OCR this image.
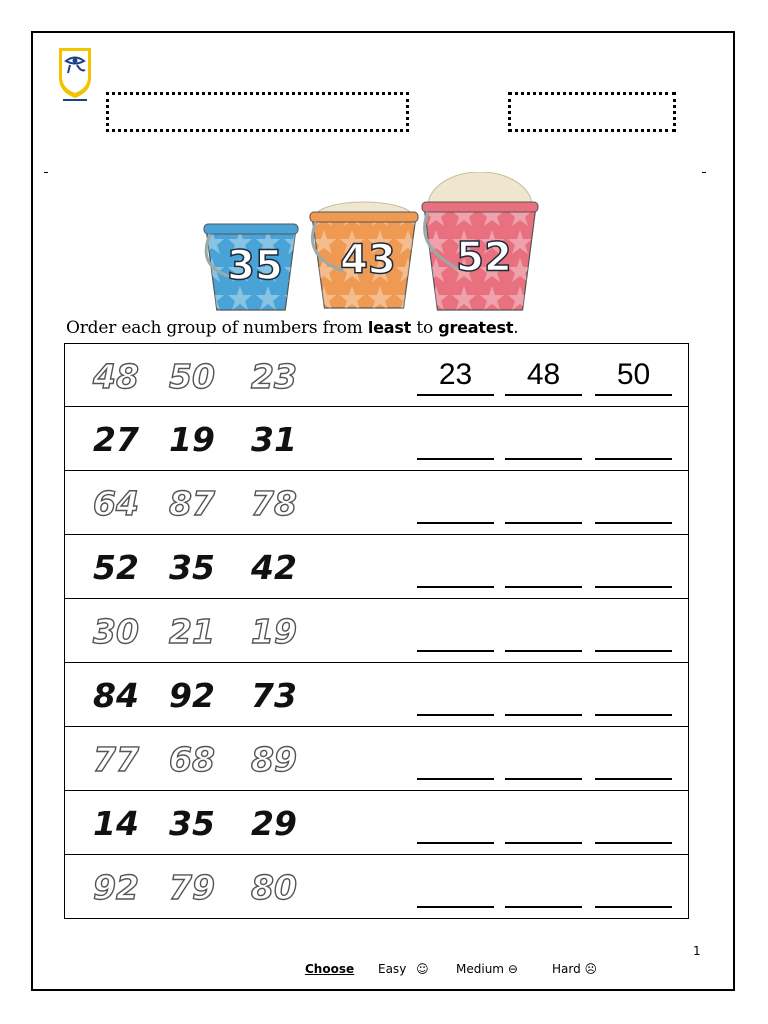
35 43 52
Order each group of numbers from least to greatest.
48 50 23	23	48	50
27 19 31
64 87 78
52 35 42
30 21 19
84 92 73
77 68 89
14 35 29
92 79 80
1
Choose Easy ☺ Medium ⊖	Hard ☹
